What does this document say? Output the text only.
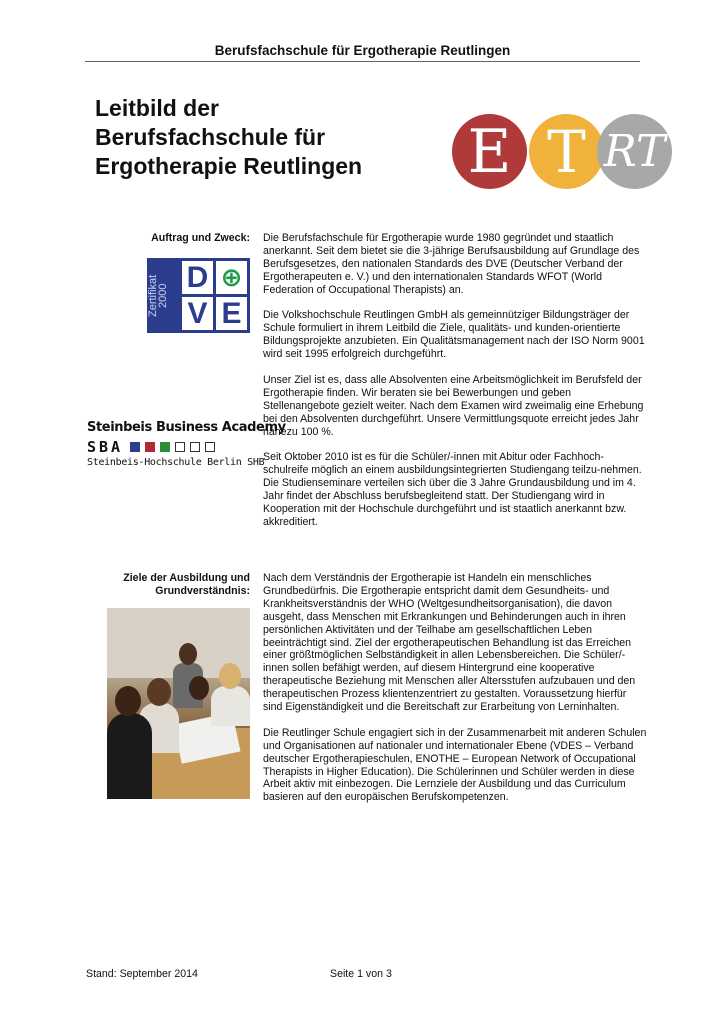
Berufsfachschule für Ergotherapie Reutlingen
Leitbild der
Berufsfachschule für
Ergotherapie Reutlingen	E T RT
Auftrag und Zweck:
Zertifikat 2000
D ⊕
V E
Steinbeis Business Academy
SBA
Steinbeis-Hochschule Berlin SHB

Die Berufsfachschule für Ergotherapie wurde 1980 gegründet und staatlich anerkannt. Seit dem bietet sie die 3-jährige Berufsausbildung auf Grundlage des Berufsgesetzes, den nationalen Standards des DVE (Deutscher Verband der Ergotherapeuten e. V.) und den internationalen Standards WFOT (World Federation of Occupational Therapists) an.

Die Volkshochschule Reutlingen GmbH als gemeinnütziger Bildungsträger der Schule formuliert in ihrem Leitbild die Ziele, qualitäts- und kunden-orientierte Bildungsprojekte anzubieten. Ein Qualitätsmanagement nach der ISO Norm 9001 wird seit 1995 erfolgreich durchgeführt.

Unser Ziel ist es, dass alle Absolventen eine Arbeitsmöglichkeit im Berufsfeld der Ergotherapie finden. Wir beraten sie bei Bewerbungen und geben Stellenangebote gezielt weiter. Nach dem Examen wird zweimalig eine Erhebung bei den Absolventen durchgeführt. Unsere Vermittlungsquote erreicht jedes Jahr nahezu 100 %.

Seit Oktober 2010 ist es für die Schüler/-innen mit Abitur oder Fachhoch-schulreife möglich an einem ausbildungsintegrierten Studiengang teilzu-nehmen. Die Studienseminare verteilen sich über die 3 Jahre Grundausbildung und im 4. Jahr findet der Abschluss berufsbegleitend statt. Der Studiengang wird in Kooperation mit der Hochschule durchgeführt und ist staatlich anerkannt bzw. akkreditiert.

Ziele der Ausbildung und Grundverständnis:

Nach dem Verständnis der Ergotherapie ist Handeln ein menschliches Grundbedürfnis. Die Ergotherapie entspricht damit dem Gesundheits- und Krankheitsverständnis der WHO (Weltgesundheitsorganisation), die davon ausgeht, dass Menschen mit Erkrankungen und Behinderungen auch in ihren persönlichen Aktivitäten und der Teilhabe am gesellschaftlichen Leben beeinträchtigt sind. Ziel der ergotherapeutischen Behandlung ist das Erreichen einer größtmöglichen Selbständigkeit in allen Lebensbereichen. Die Schüler/-innen sollen befähigt werden, auf diesem Hintergrund eine kooperative therapeutische Beziehung mit Menschen aller Altersstufen aufzubauen und den therapeutischen Prozess klientenzentriert zu gestalten. Voraussetzung hierfür sind Eigenständigkeit und die Bereitschaft zur Erarbeitung von Lerninhalten.

Die Reutlinger Schule engagiert sich in der Zusammenarbeit mit anderen Schulen und Organisationen auf nationaler und internationaler Ebene (VDES – Verband deutscher Ergotherapieschulen, ENOTHE – European Network of Occupational Therapists in Higher Education). Die Schülerinnen und Schüler werden in diese Arbeit aktiv mit einbezogen. Die Lernziele der Ausbildung und das Curriculum basieren auf den europäischen Berufskompetenzen.

Stand: September 2014	Seite 1 von 3
